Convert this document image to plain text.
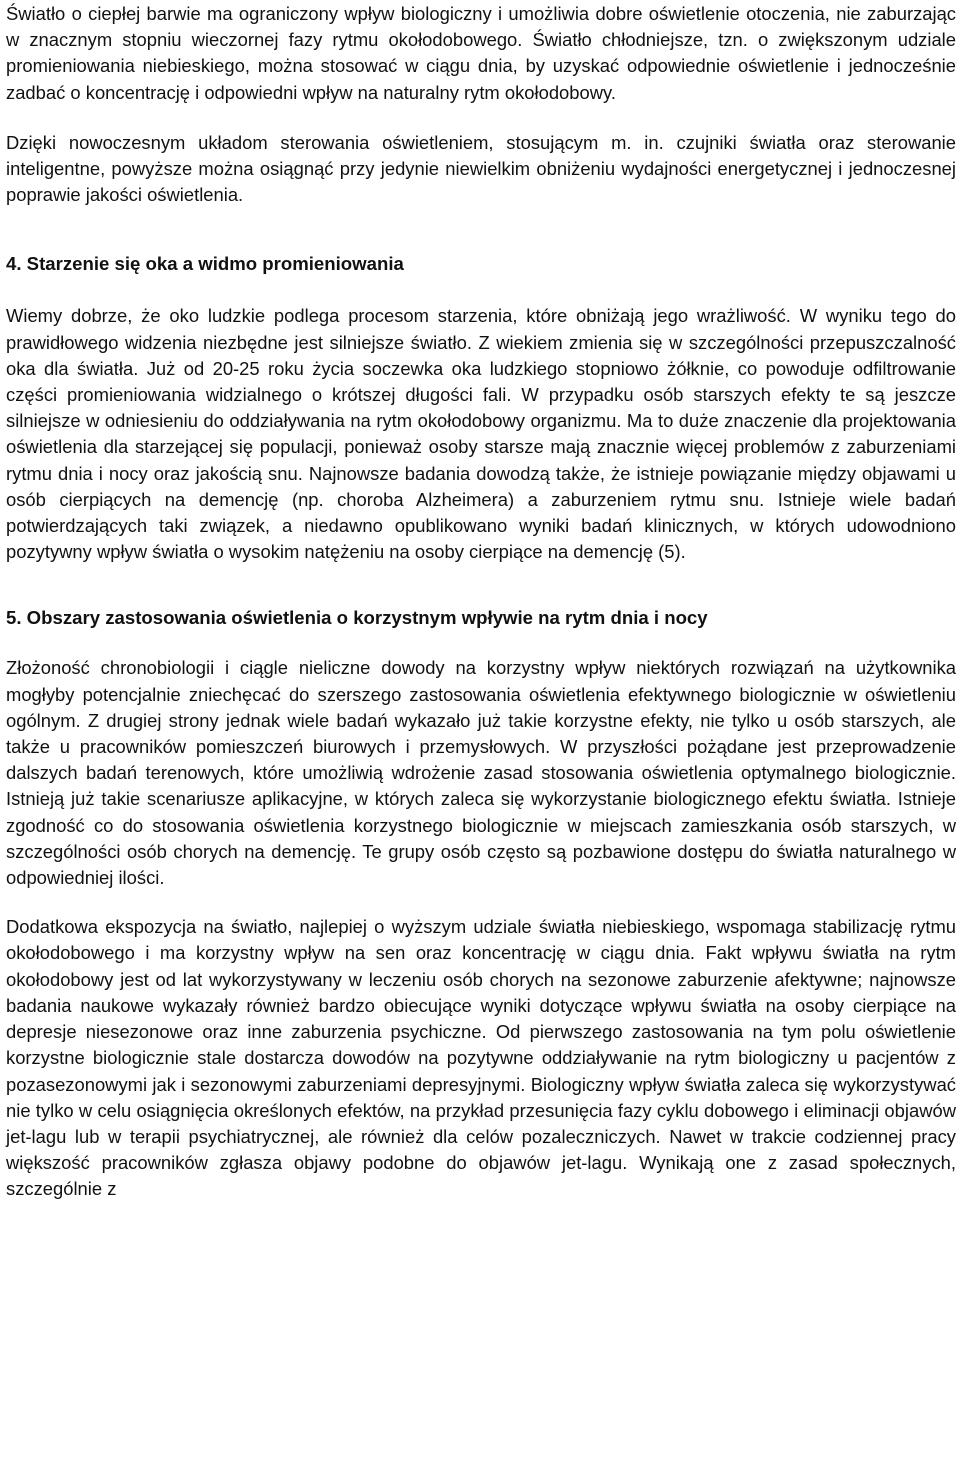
Światło o ciepłej barwie ma ograniczony wpływ biologiczny i umożliwia dobre oświetlenie otoczenia, nie zaburzając w znacznym stopniu wieczornej fazy rytmu okołodobowego. Światło chłodniejsze, tzn. o zwiększonym udziale promieniowania niebieskiego, można stosować w ciągu dnia, by uzyskać odpowiednie oświetlenie i jednocześnie zadbać o koncentrację i odpowiedni wpływ na naturalny rytm okołodobowy.

Dzięki nowoczesnym układom sterowania oświetleniem, stosującym m. in. czujniki światła oraz sterowanie inteligentne, powyższe można osiągnąć przy jedynie niewielkim obniżeniu wydajności energetycznej i jednoczesnej poprawie jakości oświetlenia.

4. Starzenie się oka a widmo promieniowania

Wiemy dobrze, że oko ludzkie podlega procesom starzenia, które obniżają jego wrażliwość. W wyniku tego do prawidłowego widzenia niezbędne jest silniejsze światło. Z wiekiem zmienia się w szczególności przepuszczalność oka dla światła. Już od 20-25 roku życia soczewka oka ludzkiego stopniowo żółknie, co powoduje odfiltrowanie części promieniowania widzialnego o krótszej długości fali. W przypadku osób starszych efekty te są jeszcze silniejsze w odniesieniu do oddziaływania na rytm okołodobowy organizmu. Ma to duże znaczenie dla projektowania oświetlenia dla starzejącej się populacji, ponieważ osoby starsze mają znacznie więcej problemów z zaburzeniami rytmu dnia i nocy oraz jakością snu. Najnowsze badania dowodzą także, że istnieje powiązanie między objawami u osób cierpiących na demencję (np. choroba Alzheimera) a zaburzeniem rytmu snu. Istnieje wiele badań potwierdzających taki związek, a niedawno opublikowano wyniki badań klinicznych, w których udowodniono pozytywny wpływ światła o wysokim natężeniu na osoby cierpiące na demencję (5).

5. Obszary zastosowania oświetlenia o korzystnym wpływie na rytm dnia i nocy

Złożoność chronobiologii i ciągle nieliczne dowody na korzystny wpływ niektórych rozwiązań na użytkownika mogłyby potencjalnie zniechęcać do szerszego zastosowania oświetlenia efektywnego biologicznie w oświetleniu ogólnym. Z drugiej strony jednak wiele badań wykazało już takie korzystne efekty, nie tylko u osób starszych, ale także u pracowników pomieszczeń biurowych i przemysłowych. W przyszłości pożądane jest przeprowadzenie dalszych badań terenowych, które umożliwią wdrożenie zasad stosowania oświetlenia optymalnego biologicznie. Istnieją już takie scenariusze aplikacyjne, w których zaleca się wykorzystanie biologicznego efektu światła. Istnieje zgodność co do stosowania oświetlenia korzystnego biologicznie w miejscach zamieszkania osób starszych, w szczególności osób chorych na demencję. Te grupy osób często są pozbawione dostępu do światła naturalnego w odpowiedniej ilości.

Dodatkowa ekspozycja na światło, najlepiej o wyższym udziale światła niebieskiego, wspomaga stabilizację rytmu okołodobowego i ma korzystny wpływ na sen oraz koncentrację w ciągu dnia. Fakt wpływu światła na rytm okołodobowy jest od lat wykorzystywany w leczeniu osób chorych na sezonowe zaburzenie afektywne; najnowsze badania naukowe wykazały również bardzo obiecujące wyniki dotyczące wpływu światła na osoby cierpiące na depresje niesezonowe oraz inne zaburzenia psychiczne. Od pierwszego zastosowania na tym polu oświetlenie korzystne biologicznie stale dostarcza dowodów na pozytywne oddziaływanie na rytm biologiczny u pacjentów z pozasezonowymi jak i sezonowymi zaburzeniami depresyjnymi. Biologiczny wpływ światła zaleca się wykorzystywać nie tylko w celu osiągnięcia określonych efektów, na przykład przesunięcia fazy cyklu dobowego i eliminacji objawów jet-lagu lub w terapii psychiatrycznej, ale również dla celów pozaleczniczych. Nawet w trakcie codziennej pracy większość pracowników zgłasza objawy podobne do objawów jet-lagu. Wynikają one z zasad społecznych, szczególnie z
